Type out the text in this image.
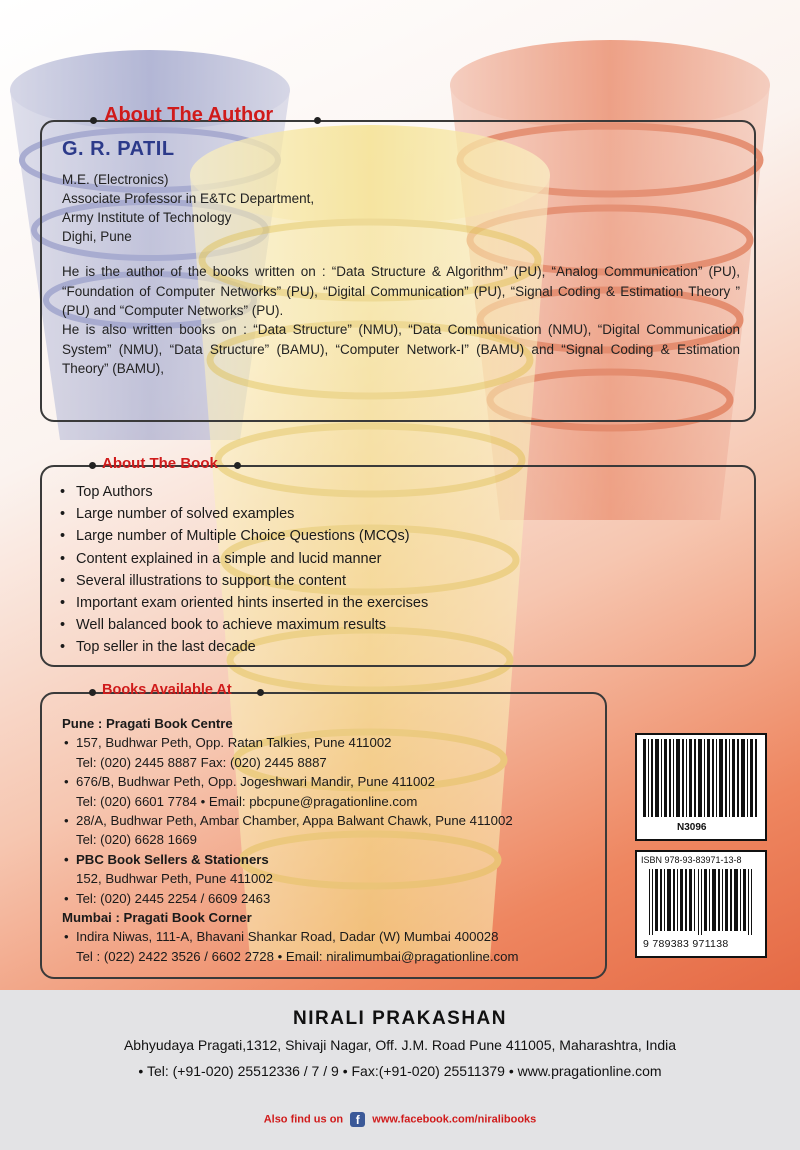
About The Author
G. R. PATIL
M.E. (Electronics)
Associate Professor in E&TC Department,
Army Institute of Technology
Dighi, Pune
He is the author of the books written on : “Data Structure & Algorithm” (PU), “Analog Communication” (PU), “Foundation of Computer Networks” (PU), “Digital Communication” (PU), “Signal Coding & Estimation Theory ” (PU) and “Computer Networks” (PU).
He is also written books on : “Data Structure” (NMU), “Data Communication (NMU), “Digital Communication System” (NMU), “Data Structure” (BAMU), “Computer Network-I” (BAMU) and “Signal Coding & Estimation Theory” (BAMU),
About The Book
• Top Authors
• Large number of solved examples
• Large number of Multiple Choice Questions (MCQs)
• Content explained in a simple and lucid manner
• Several illustrations to support the content
• Important exam oriented hints inserted in the exercises
• Well balanced book to achieve maximum results
• Top seller in the last decade
Books Available At
Pune : Pragati Book Centre
• 157, Budhwar Peth, Opp. Ratan Talkies, Pune 411002
Tel: (020) 2445 8887 Fax: (020) 2445 8887
• 676/B, Budhwar Peth, Opp. Jogeshwari Mandir, Pune 411002
Tel: (020) 6601 7784 • Email: pbcpune@pragationline.com
• 28/A, Budhwar Peth, Ambar Chamber, Appa Balwant Chawk, Pune 411002
Tel: (020) 6628 1669
• PBC Book Sellers & Stationers
152, Budhwar Peth, Pune 411002
• Tel: (020) 2445 2254 / 6609 2463
Mumbai : Pragati Book Corner
• Indira Niwas, 111-A, Bhavani Shankar Road, Dadar (W) Mumbai 400028
Tel : (022) 2422 3526 / 6602 2728 • Email: niralimumbai@pragationline.com
N3096
ISBN 978-93-83971-13-8
9 789383 971138
NIRALI PRAKASHAN
Abhyudaya Pragati,1312, Shivaji Nagar, Off. J.M. Road Pune 411005, Maharashtra, India
• Tel: (+91-020) 25512336 / 7 / 9 • Fax:(+91-020) 25511379 • www.pragationline.com
Also find us on f www.facebook.com/niralibooks
